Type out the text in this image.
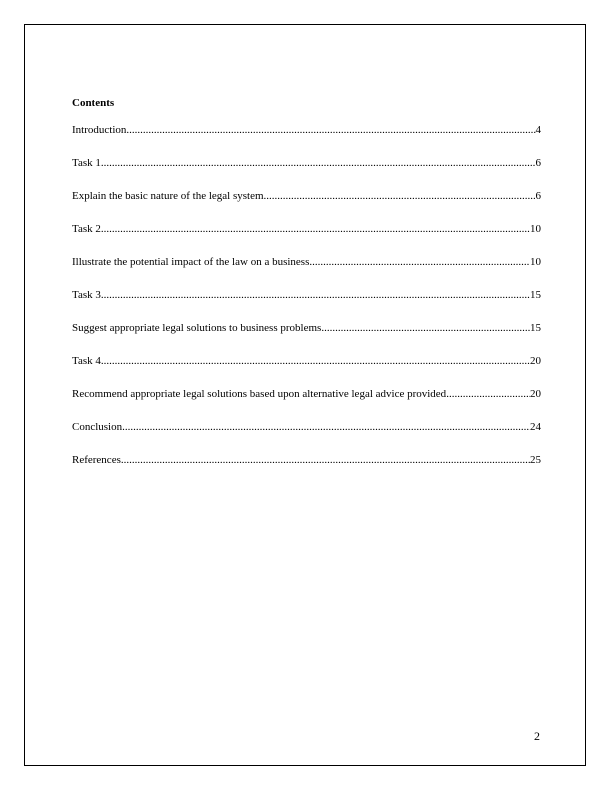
Contents
Introduction .....	4
Task 1 .....	6
Explain the basic nature of the legal system .....	6
Task 2 .....	10
Illustrate the potential impact of the law on a business .....	10
Task 3 .....	15
Suggest appropriate legal solutions to business problems .....	15
Task 4 .....	20
Recommend appropriate legal solutions based upon alternative legal advice provided .....	20
Conclusion .....	24
References .....	25
2
